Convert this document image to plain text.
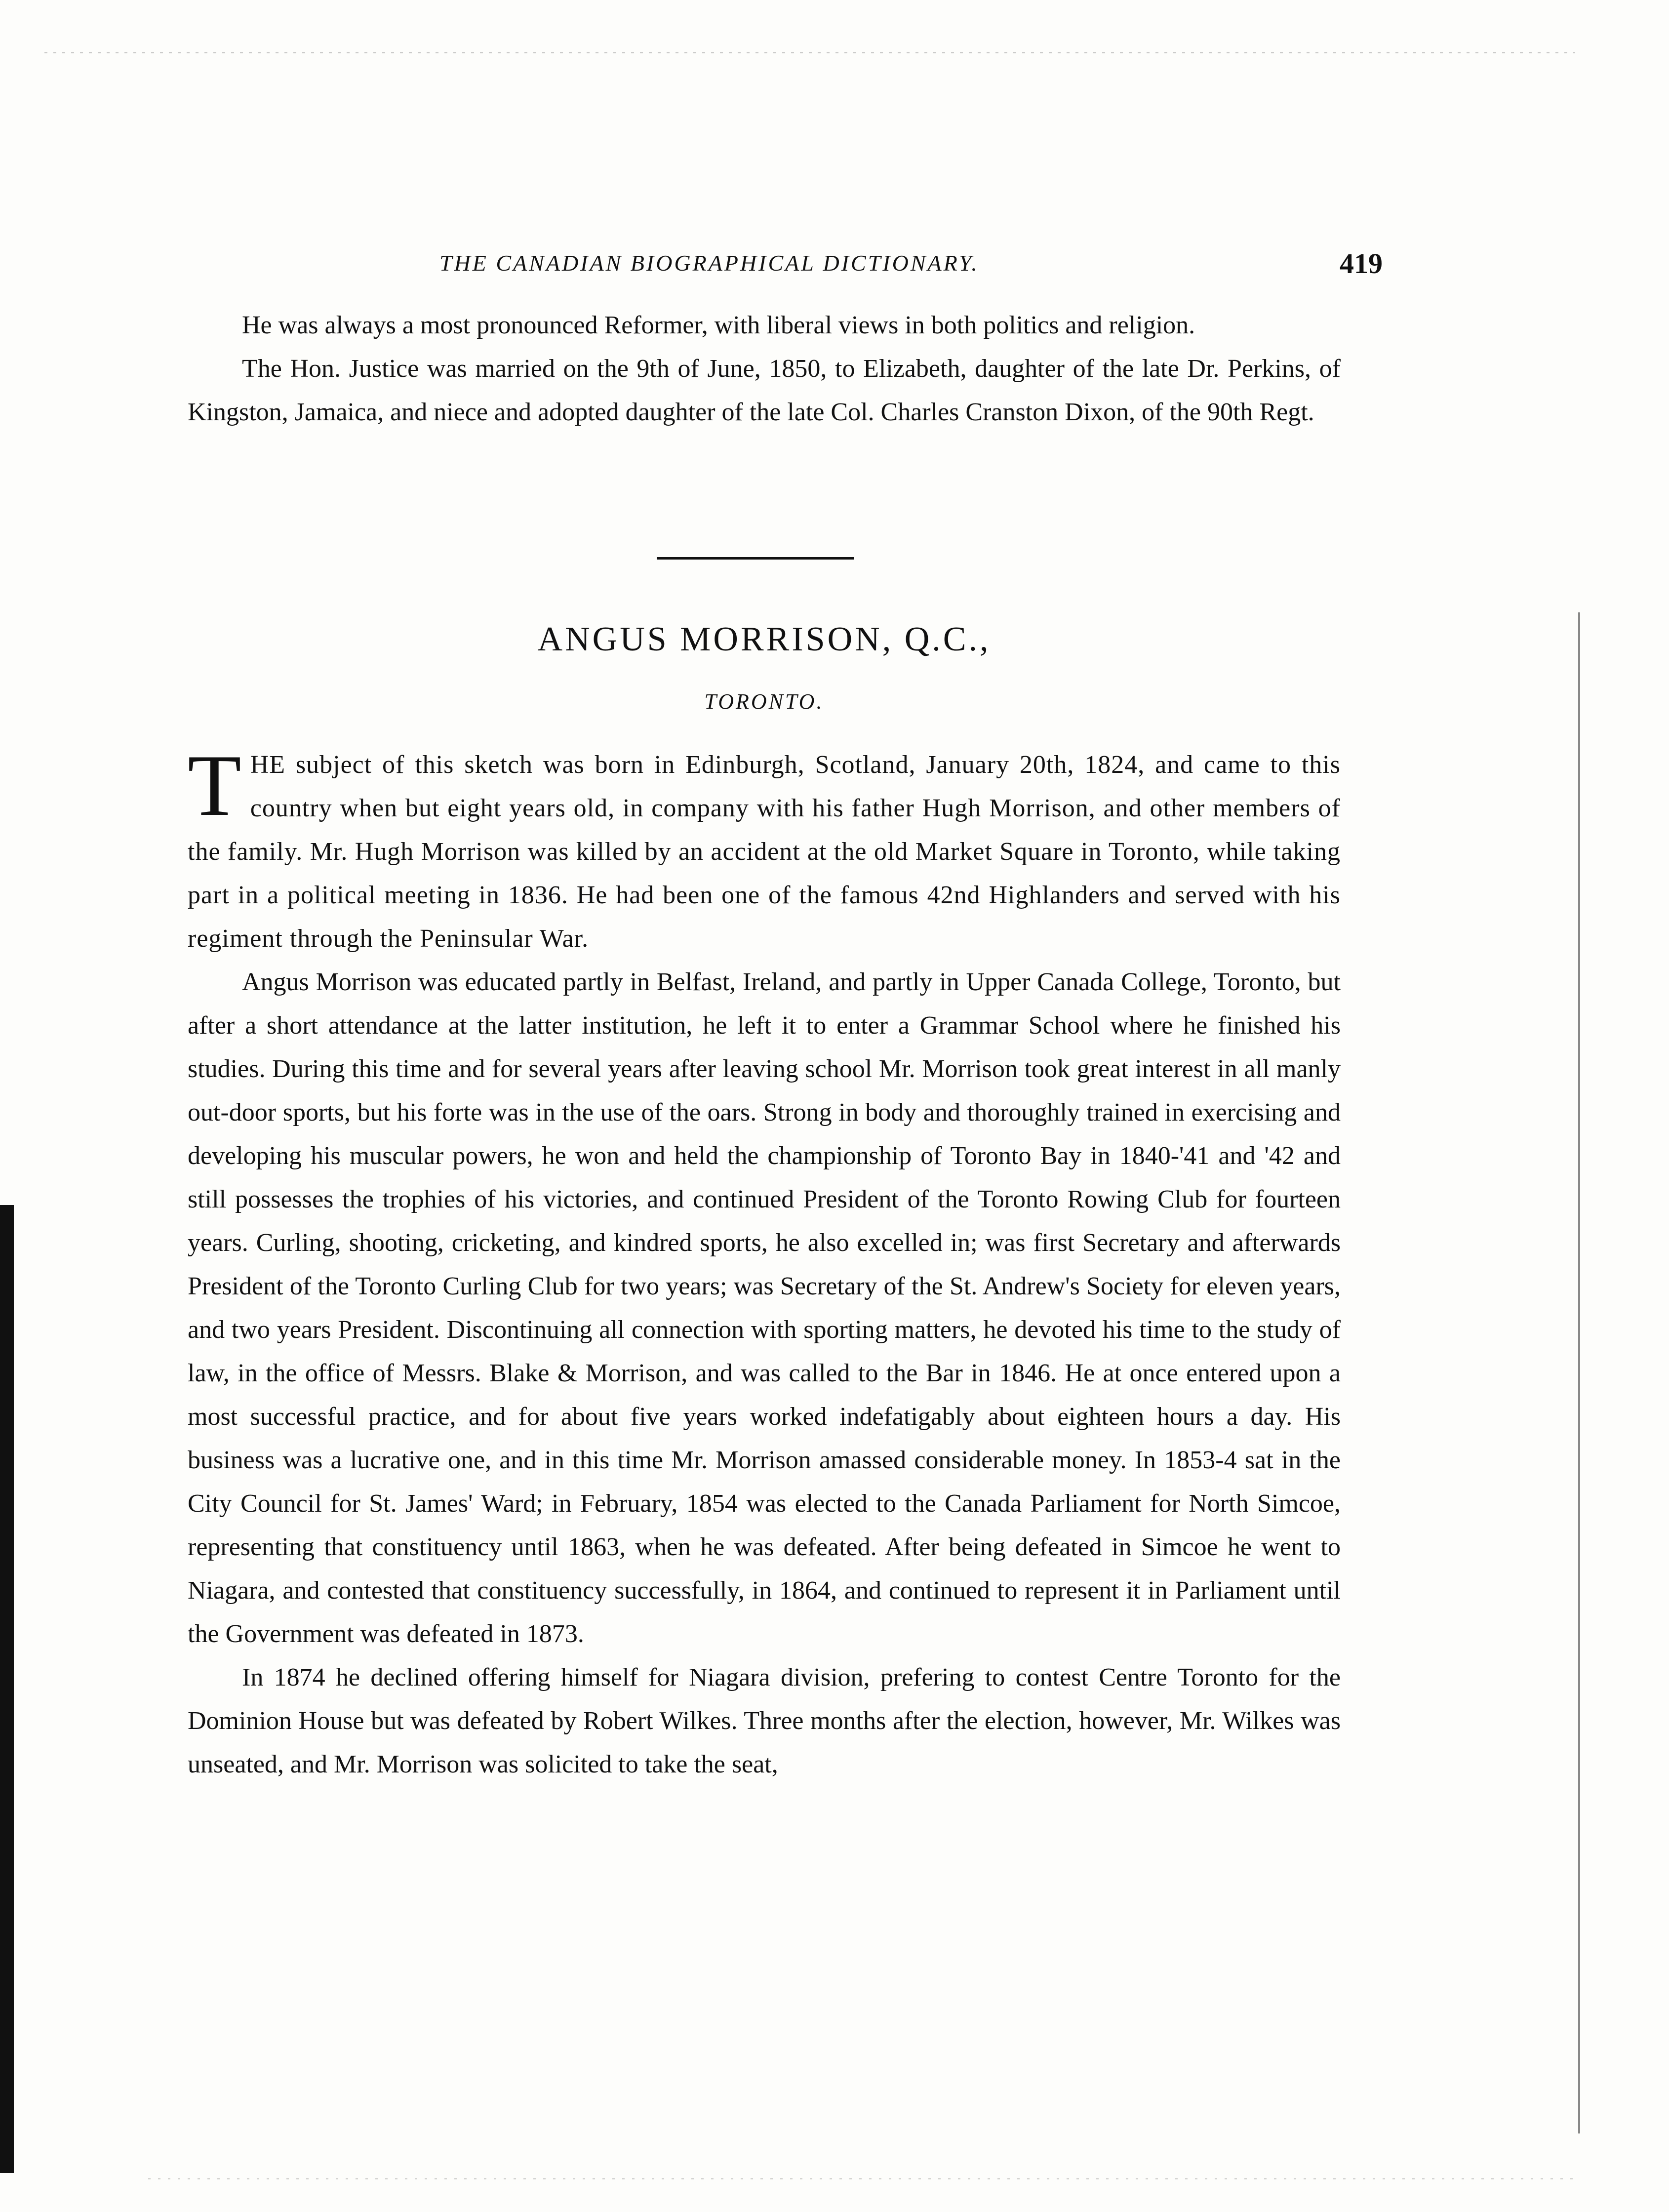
THE CANADIAN BIOGRAPHICAL DICTIONARY.	419

He was always a most pronounced Reformer, with liberal views in both politics and religion.

The Hon. Justice was married on the 9th of June, 1850, to Elizabeth, daughter of the late Dr. Perkins, of Kingston, Jamaica, and niece and adopted daughter of the late Col. Charles Cranston Dixon, of the 90th Regt.

ANGUS MORRISON, Q.C.,
TORONTO.

THE subject of this sketch was born in Edinburgh, Scotland, January 20th, 1824, and came to this country when but eight years old, in company with his father Hugh Morrison, and other members of the family. Mr. Hugh Morrison was killed by an accident at the old Market Square in Toronto, while taking part in a political meeting in 1836. He had been one of the famous 42nd Highlanders and served with his regiment through the Peninsular War.

Angus Morrison was educated partly in Belfast, Ireland, and partly in Upper Canada College, Toronto, but after a short attendance at the latter institution, he left it to enter a Grammar School where he finished his studies. During this time and for several years after leaving school Mr. Morrison took great interest in all manly out-door sports, but his forte was in the use of the oars. Strong in body and thoroughly trained in exercising and developing his muscular powers, he won and held the championship of Toronto Bay in 1840-'41 and '42 and still possesses the trophies of his victories, and continued President of the Toronto Rowing Club for fourteen years. Curling, shooting, cricketing, and kindred sports, he also excelled in; was first Secretary and afterwards President of the Toronto Curling Club for two years; was Secretary of the St. Andrew's Society for eleven years, and two years President. Discontinuing all connection with sporting matters, he devoted his time to the study of law, in the office of Messrs. Blake & Morrison, and was called to the Bar in 1846. He at once entered upon a most successful practice, and for about five years worked indefatigably about eighteen hours a day. His business was a lucrative one, and in this time Mr. Morrison amassed considerable money. In 1853-4 sat in the City Council for St. James' Ward; in February, 1854 was elected to the Canada Parliament for North Simcoe, representing that constituency until 1863, when he was defeated. After being defeated in Simcoe he went to Niagara, and contested that constituency successfully, in 1864, and continued to represent it in Parliament until the Government was defeated in 1873.

In 1874 he declined offering himself for Niagara division, prefering to contest Centre Toronto for the Dominion House but was defeated by Robert Wilkes. Three months after the election, however, Mr. Wilkes was unseated, and Mr. Morrison was solicited to take the seat,
